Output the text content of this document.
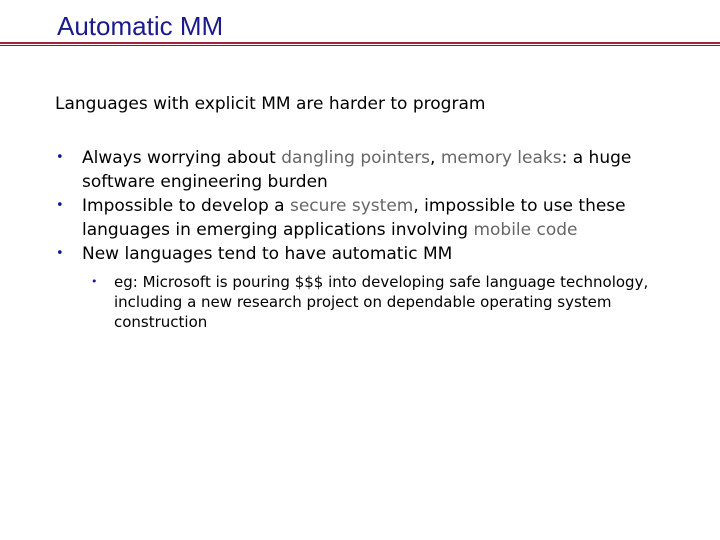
Automatic MM
Languages with explicit MM are harder to program
• Always worrying about dangling pointers, memory leaks: a huge software engineering burden
• Impossible to develop a secure system, impossible to use these languages in emerging applications involving mobile code
• New languages tend to have automatic MM
• eg: Microsoft is pouring $$$ into developing safe language technology, including a new research project on dependable operating system construction
